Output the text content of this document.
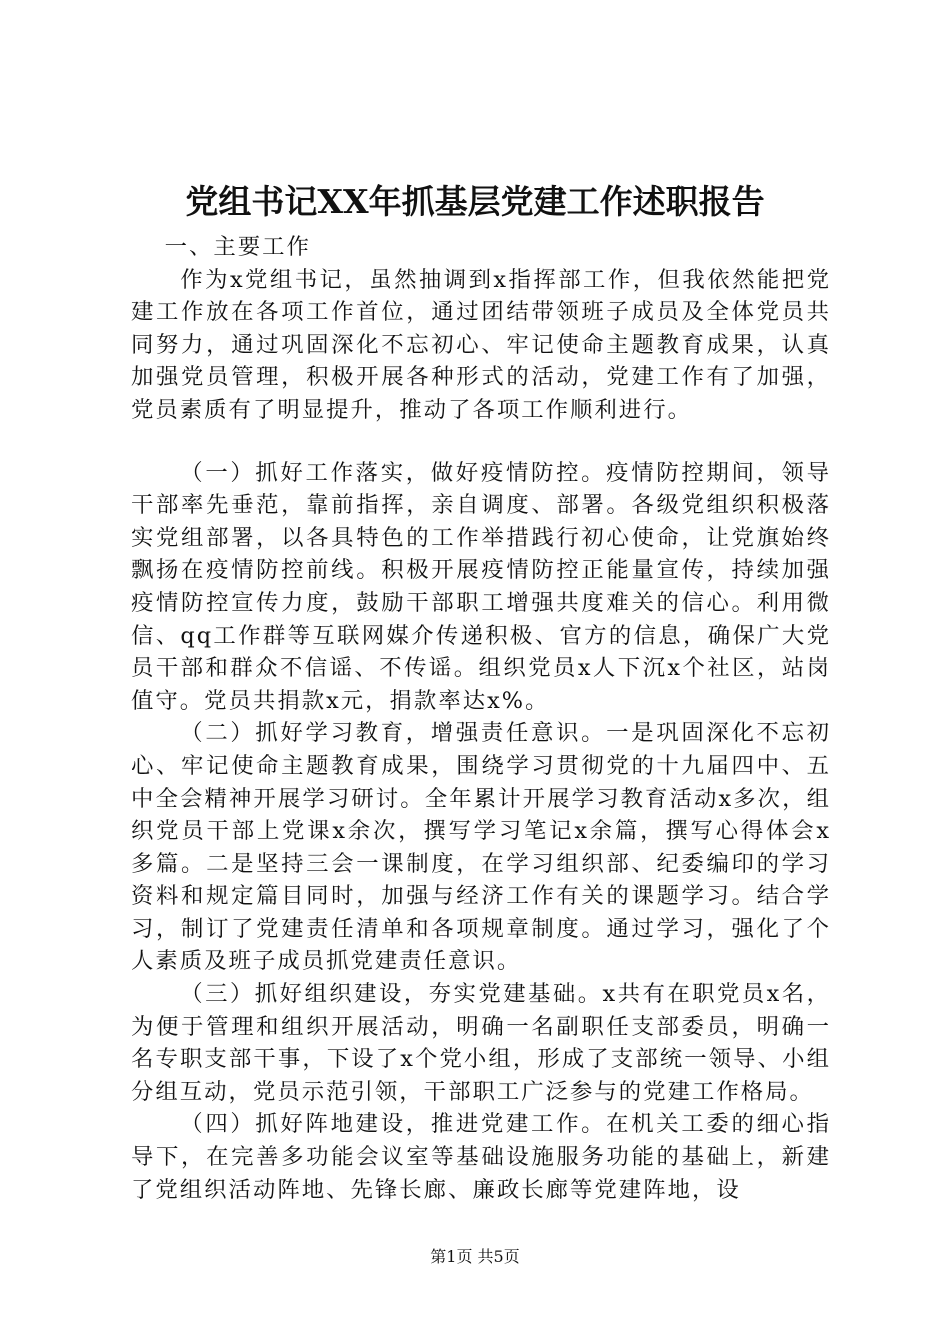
党组书记XX年抓基层党建工作述职报告

一、主要工作

作为x党组书记，虽然抽调到x指挥部工作，但我依然能把党建工作放在各项工作首位，通过团结带领班子成员及全体党员共同努力，通过巩固深化不忘初心、牢记使命主题教育成果，认真加强党员管理，积极开展各种形式的活动，党建工作有了加强，党员素质有了明显提升，推动了各项工作顺利进行。

（一）抓好工作落实，做好疫情防控。疫情防控期间，领导干部率先垂范，靠前指挥，亲自调度、部署。各级党组织积极落实党组部署，以各具特色的工作举措践行初心使命，让党旗始终飘扬在疫情防控前线。积极开展疫情防控正能量宣传，持续加强疫情防控宣传力度，鼓励干部职工增强共度难关的信心。利用微信、qq工作群等互联网媒介传递积极、官方的信息，确保广大党员干部和群众不信谣、不传谣。组织党员x人下沉x个社区，站岗值守。党员共捐款x元，捐款率达x%。

（二）抓好学习教育，增强责任意识。一是巩固深化不忘初心、牢记使命主题教育成果，围绕学习贯彻党的十九届四中、五中全会精神开展学习研讨。全年累计开展学习教育活动x多次，组织党员干部上党课x余次，撰写学习笔记x余篇，撰写心得体会x多篇。二是坚持三会一课制度，在学习组织部、纪委编印的学习资料和规定篇目同时，加强与经济工作有关的课题学习。结合学习，制订了党建责任清单和各项规章制度。通过学习，强化了个人素质及班子成员抓党建责任意识。

（三）抓好组织建设，夯实党建基础。x共有在职党员x名，为便于管理和组织开展活动，明确一名副职任支部委员，明确一名专职支部干事，下设了x个党小组，形成了支部统一领导、小组分组互动，党员示范引领，干部职工广泛参与的党建工作格局。

（四）抓好阵地建设，推进党建工作。在机关工委的细心指导下，在完善多功能会议室等基础设施服务功能的基础上，新建了党组织活动阵地、先锋长廊、廉政长廊等党建阵地，设

第1页 共5页
